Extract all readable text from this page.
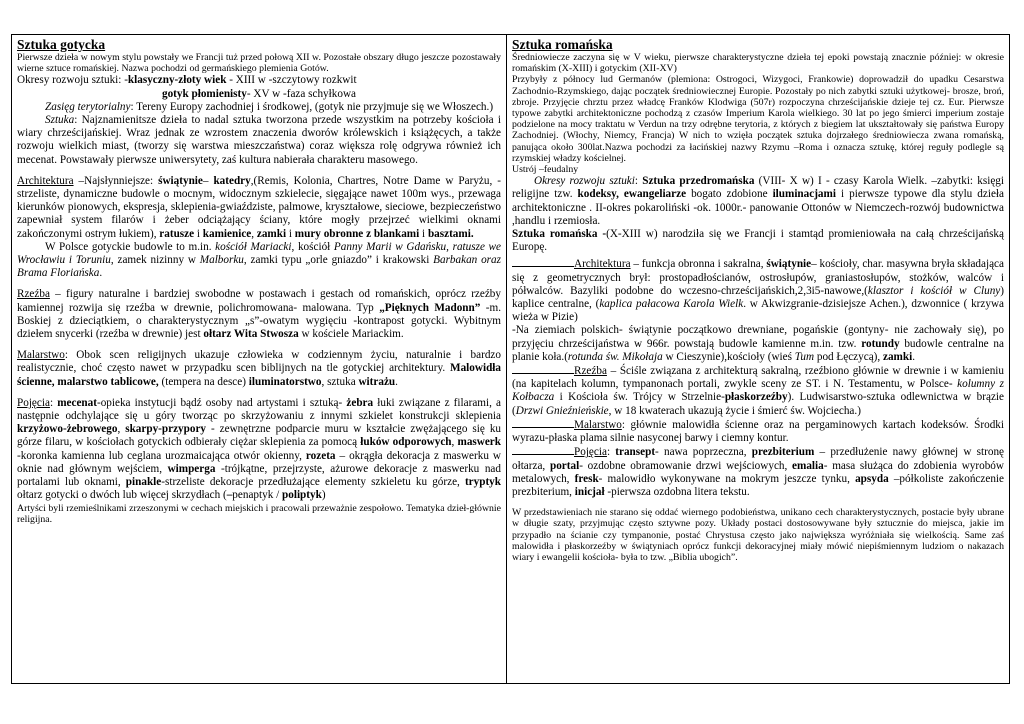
Sztuka gotycka

Pierwsze dzieła w nowym stylu powstały we Francji tuż przed połową XII w. Pozostałe obszary długo jeszcze pozostawały wierne sztuce romańskiej. Nazwa pochodzi od germańskiego plemienia Gotów.

Okresy rozwoju sztuki: -klasyczny-złoty wiek - XIII w -szczytowy rozkwit

gotyk płomienisty- XV w -faza schyłkowa

Zasięg terytorialny: Tereny Europy zachodniej i środkowej, (gotyk nie przyjmuje się we Włoszech.)

Sztuka: Najznamienitsze dzieła to nadal sztuka tworzona przede wszystkim na potrzeby kościoła i wiary chrześcijańskiej. Wraz jednak ze wzrostem znaczenia dworów królewskich i książęcych, a także rozwoju wielkich miast, (tworzy się warstwa mieszczaństwa) coraz większa rolę odgrywa również ich mecenat. Powstawały pierwsze uniwersytety, zaś kultura nabierała charakteru masowego.

Architektura –Najsłynniejsze: świątynie– katedry,(Remis, Kolonia, Chartres, Notre Dame w Paryżu, -strzeliste, dynamiczne budowle o mocnym, widocznym szkielecie, sięgające nawet 100m wys., przewaga kierunków pionowych, ekspresja, sklepienia-gwiaździste, palmowe, kryształowe, sieciowe, bezpieczeństwo zapewniał system filarów i żeber odciążający ściany, które mogły przejrzeć wielkimi oknami zakończonymi ostrym łukiem), ratusze i kamienice, zamki i mury obronne z blankami i basztami.

W Polsce gotyckie budowle to m.in. kościół Mariacki, kościół Panny Marii w Gdańsku, ratusze we Wrocławiu i Toruniu, zamek nizinny w Malborku, zamki typu „orle gniazdo” i krakowski Barbakan oraz Brama Floriańska.

Rzeźba – figury naturalne i bardziej swobodne w postawach i gestach od romańskich, oprócz rzeźby kamiennej rozwija się rzeźba w drewnie, polichromowana- malowana. Typ „Pięknych Madonn” -m. Boskiej z dzieciątkiem, o charakterystycznym „s”-owatym wygięciu -kontrapost gotycki. Wybitnym dziełem snycerki (rzeźba w drewnie) jest ołtarz Wita Stwosza w kościele Mariackim.

Malarstwo: Obok scen religijnych ukazuje człowieka w codziennym życiu, naturalnie i bardzo realistycznie, choć często nawet w przypadku scen biblijnych na tle gotyckiej architektury. Malowidła ścienne, malarstwo tablicowe, (tempera na desce) iluminatorstwo, sztuka witrażu.

Pojęcia: mecenat-opieka instytucji bądź osoby nad artystami i sztuką- żebra łuki związane z filarami, a następnie odchylające się u góry tworząc po skrzyżowaniu z innymi szkielet konstrukcji sklepienia krzyżowo-żebrowego, skarpy-przypory - zewnętrzne podparcie muru w kształcie zwężającego się ku górze filaru, w kościołach gotyckich odbierały ciężar sklepienia za pomocą łuków odporowych, maswerk -koronka kamienna lub ceglana urozmaicająca otwór okienny, rozeta – okrągła dekoracja z maswerku w oknie nad głównym wejściem, wimperga -trójkątne, przejrzyste, ażurowe dekoracje z maswerku nad portalami lub oknami, pinakle-strzeliste dekoracje przedłużające elementy szkieletu ku górze, tryptyk ołtarz gotycki o dwóch lub więcej skrzydłach (–penaptyk / poliptyk)

Artyści byli rzemieślnikami zrzeszonymi w cechach miejskich i pracowali przeważnie zespołowo. Tematyka dzieł-głównie religijna.

Sztuka romańska

Średniowiecze zaczyna się w V wieku, pierwsze charakterystyczne dzieła tej epoki powstają znacznie później: w okresie romańskim (X-XIII) i gotyckim (XII-XV)

Przybyły z północy lud Germanów (plemiona: Ostrogoci, Wizygoci, Frankowie) doprowadził do upadku Cesarstwa Zachodnio-Rzymskiego, dając początek średniowiecznej Europie. Pozostały po nich zabytki sztuki użytkowej- brosze, broń, zbroje. Przyjęcie chrztu przez władcę Franków Klodwiga (507r) rozpoczyna chrześcijańskie dzieje tej cz. Eur. Pierwsze typowe zabytki architektoniczne pochodzą z czasów Imperium Karola wielkiego. 30 lat po jego śmierci imperium zostaje podzielone na mocy traktatu w Verdun na trzy odrębne terytoria, z których z biegiem lat ukształtowały się państwa Europy Zachodniej. (Włochy, Niemcy, Francja) W nich to wzięła początek sztuka dojrzałego średniowiecza zwana romańską, panująca około 300lat.Nazwa pochodzi za łacińskiej nazwy Rzymu –Roma i oznacza sztukę, której reguły podlegle są rzymskiej władzy kościelnej.

Ustrój –feudalny

Okresy rozwoju sztuki: Sztuka przedromańska (VIII- X w) I - czasy Karola Wielk. –zabytki: księgi religijne tzw. kodeksy, ewangeliarze bogato zdobione iluminacjami i pierwsze typowe dla stylu dzieła architektoniczne . II-okres pokaroliński -ok. 1000r.- panowanie Ottonów w Niemczech-rozwój budownictwa ,handlu i rzemiosła.

Sztuka romańska -(X-XIII w) narodziła się we Francji i stamtąd promieniowała na całą chrześcijańską Europę.

Architektura – funkcja obronna i sakralna, świątynie– kościoły, char. masywna bryła składająca się z geometrycznych brył: prostopadłościanów, ostrosłupów, graniastosłupów, stożków, walców i półwalców. Bazyliki podobne do wczesno-chrześcijańskich,2,3i5-nawowe,(klasztor i kościół w Cluny) kaplice centralne, (kaplica pałacowa Karola Wielk. w Akwizgranie-dzisiejsze Achen.), dzwonnice ( krzywa wieża w Pizie)

-Na ziemiach polskich- świątynie początkowo drewniane, pogańskie (gontyny- nie zachowały się), po przyjęciu chrześcijaństwa w 966r. powstają budowle kamienne m.in. tzw. rotundy budowle centralne na planie koła.(rotunda św. Mikołaja w Cieszynie),kościoły (wieś Tum pod Łęczycą), zamki.

Rzeźba – Ściśle związana z architekturą sakralną, rzeźbiono głównie w drewnie i w kamieniu (na kapitelach kolumn, tympanonach portali, zwykle sceny ze ST. i N. Testamentu, w Polsce- kolumny z Kołbacza i Kościoła św. Trójcy w Strzelnie-płaskorzeźby). Ludwisarstwo-sztuka odlewnictwa w brązie (Drzwi Gnieźnieńskie, w 18 kwaterach ukazują życie i śmierć św. Wojciecha.)

Malarstwo: głównie malowidła ścienne oraz na pergaminowych kartach kodeksów. Środki wyrazu-płaska plama silnie nasyconej barwy i ciemny kontur.

Pojęcia: transept- nawa poprzeczna, prezbiterium – przedłużenie nawy głównej w stronę ołtarza, portal- ozdobne obramowanie drzwi wejściowych, emalia- masa służąca do zdobienia wyrobów metalowych, fresk- malowidło wykonywane na mokrym jeszcze tynku, apsyda –półkoliste zakończenie prezbiterium, inicjał -pierwsza ozdobna litera tekstu.

W przedstawieniach nie starano się oddać wiernego podobieństwa, unikano cech charakterystycznych, postacie były ubrane w długie szaty, przyjmując często sztywne pozy. Układy postaci dostosowywane były sztucznie do miejsca, jakie im przypadło na ścianie czy tympanonie, postać Chrystusa często jako największa wyróżniała się wielkością. Same zaś malowidła i płaskorzeźby w świątyniach oprócz funkcji dekoracyjnej miały mówić niepiśmiennym ludziom o nakazach wiary i ewangelii kościoła- była to tzw. „Biblia ubogich”.
